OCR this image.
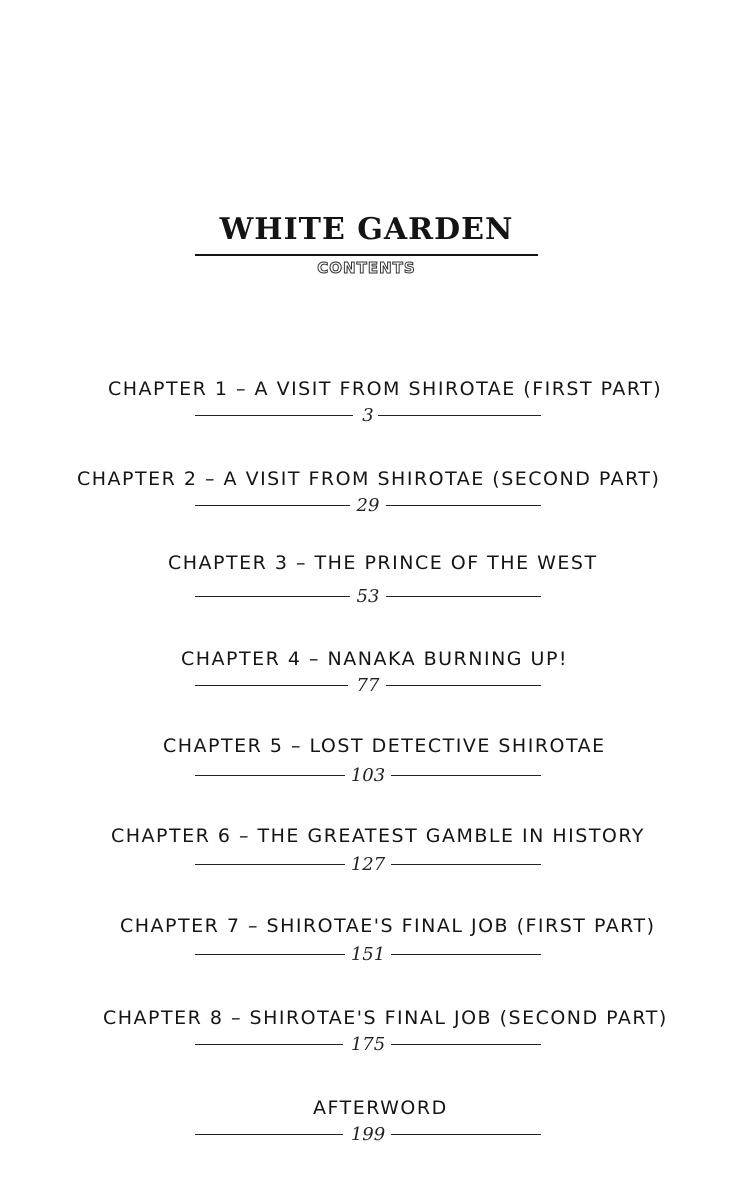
WHITE GARDEN
CONTENTS
CHAPTER 1 – A VISIT FROM SHIROTAE (FIRST PART)
3
CHAPTER 2 – A VISIT FROM SHIROTAE (SECOND PART)
29
CHAPTER 3 – THE PRINCE OF THE WEST
53
CHAPTER 4 – NANAKA BURNING UP!
77
CHAPTER 5 – LOST DETECTIVE SHIROTAE
103
CHAPTER 6 – THE GREATEST GAMBLE IN HISTORY
127
CHAPTER 7 – SHIROTAE'S FINAL JOB (FIRST PART)
151
CHAPTER 8 – SHIROTAE'S FINAL JOB (SECOND PART)
175
AFTERWORD
199
